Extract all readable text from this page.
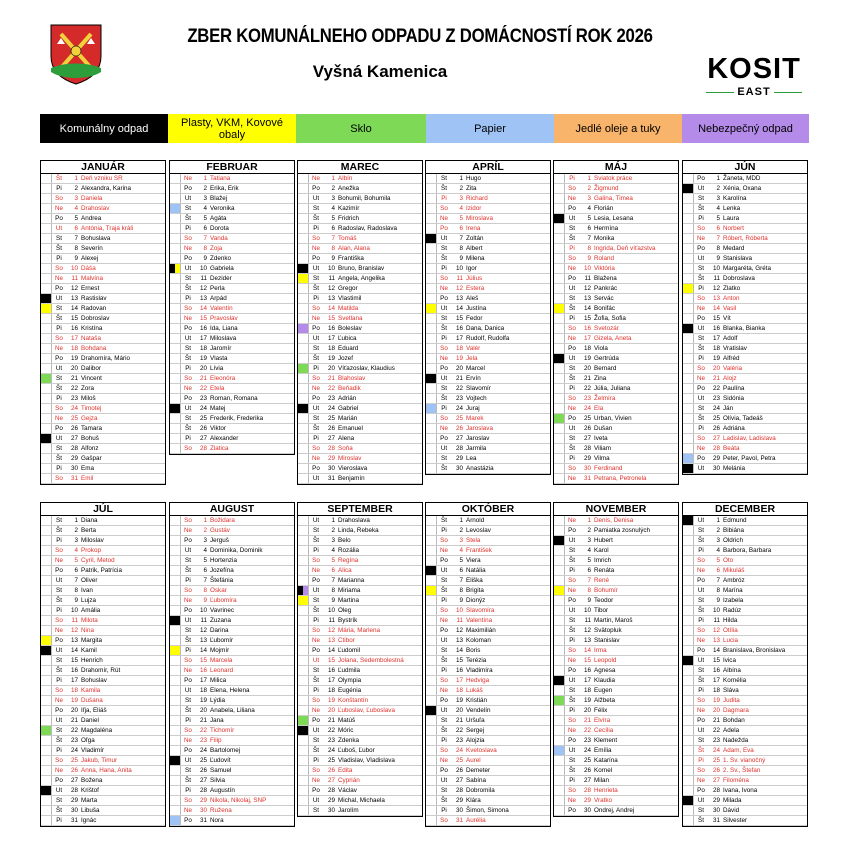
ZBER KOMUNÁLNEHO ODPADU Z DOMÁCNOSTÍ ROK 2026
Vyšná Kamenica	KOSIT
EAST
Komunálny odpad	Plasty, VKM, Kovové obaly	Sklo	Papier	Jedlé oleje a tuky	Nebezpečný odpad
JANUÁR
Št	1 Deň vzniku SR
Pi	2 Alexandra, Karina
So	3 Daniela
Ne	4 Drahoslav
Po	5 Andrea
Ut	6 Antónia, Traja králi
St	7 Bohuslava
Št	8 Severín
Pi	9 Alexej
So	10 Dáša
Ne	11 Malvína
Po	12 Ernest
Ut	13 Rastislav
St	14 Radovan
Št	15 Dobroslav
Pi	16 Kristína
So	17 Nataša
Ne	18 Bohdana
Po	19 Drahomíra, Mário
Ut	20 Dalibor
St	21 Vincent
Št	22 Zora
Pi	23 Miloš
So	24 Timotej
Ne	25 Gejza
Po	26 Tamara
Ut	27 Bohuš
St	28 Alfonz
Št	29 Gašpar
Pi	30 Ema
So	31 Emil
FEBRUAR
Ne	1 Tatiana
Po	2 Erika, Erik
Ut	3 Blažej
St	4 Veronika
Št	5 Agáta
Pi	6 Dorota
So	7 Vanda
Ne	8 Zoja
Po	9 Zdenko
Ut	10 Gabriela
St	11 Dezider
Št	12 Perla
Pi	13 Arpád
So	14 Valentín
Ne	15 Pravoslav
Po	16 Ida, Liana
Ut	17 Miloslava
St	18 Jaromír
Št	19 Vlasta
Pi	20 Lívia
So	21 Eleonóra
Ne	22 Etela
Po	23 Roman, Romana
Ut	24 Matej
St	25 Frederik, Frederika
Št	26 Viktor
Pi	27 Alexander
So	28 Zlatica
MAREC
Ne	1 Albín
Po	2 Anežka
Ut	3 Bohumil, Bohumila
St	4 Kazimír
Št	5 Fridrich
Pi	6 Radoslav, Radoslava
So	7 Tomáš
Ne	8 Alan, Alana
Po	9 Františka
Ut	10 Bruno, Branislav
St	11 Angela, Angelika
Št	12 Gregor
Pi	13 Vlastimil
So	14 Matilda
Ne	15 Svetlana
Po	16 Boleslav
Ut	17 Ľubica
St	18 Eduard
Št	19 Jozef
Pi	20 Víťazoslav, Klaudius
So	21 Blahoslav
Ne	22 Beňadik
Po	23 Adrián
Ut	24 Gabriel
St	25 Marián
Št	26 Emanuel
Pi	27 Alena
So	28 Soňa
Ne	29 Miroslav
Po	30 Vieroslava
Ut	31 Benjamín
APRÍL
St	1 Hugo
Št	2 Zita
Pi	3 Richard
So	4 Izidor
Ne	5 Miroslava
Po	6 Irena
Ut	7 Zoltán
St	8 Albert
Št	9 Milena
Pi	10 Igor
So	11 Július
Ne	12 Estera
Po	13 Aleš
Ut	14 Justína
St	15 Fedor
Št	16 Dana, Danica
Pi	17 Rudolf, Rudolfa
So	18 Valér
Ne	19 Jela
Po	20 Marcel
Ut	21 Ervín
St	22 Slavomír
Št	23 Vojtech
Pi	24 Juraj
So	25 Marek
Ne	26 Jaroslava
Po	27 Jaroslav
Ut	28 Jarmila
St	29 Lea
Št	30 Anastázia
MÁJ
Pi	1 Sviatok práce
So	2 Žigmund
Ne	3 Galina, Timea
Po	4 Florián
Ut	5 Lesia, Lesana
St	6 Hermína
Št	7 Monika
Pi	8 Ingrida, Deň víťazstva
So	9 Roland
Ne	10 Viktória
Po	11 Blažena
Ut	12 Pankrác
St	13 Servác
Št	14 Bonifác
Pi	15 Žofia, Sofia
So	16 Svetozár
Ne	17 Gizela, Aneta
Po	18 Viola
Ut	19 Gertrúda
St	20 Bernard
Št	21 Zina
Pi	22 Júlia, Juliana
So	23 Želmíra
Ne	24 Ela
Po	25 Urban, Vivien
Ut	26 Dušan
St	27 Iveta
Št	28 Viliam
Pi	29 Vilma
So	30 Ferdinand
Ne	31 Petrana, Petronela
JÚN
Po	1 Žaneta, MDD
Ut	2 Xénia, Oxana
St	3 Karolína
Št	4 Lenka
Pi	5 Laura
So	6 Norbert
Ne	7 Róbert, Róberta
Po	8 Medard
Ut	9 Stanislava
St	10 Margaréta, Gréta
Št	11 Dobroslava
Pi	12 Zlatko
So	13 Anton
Ne	14 Vasil
Po	15 Vít
Ut	16 Blanka, Bianka
St	17 Adolf
Št	18 Vratislav
Pi	19 Alfréd
So	20 Valéria
Ne	21 Alojz
Po	22 Paulína
Ut	23 Sidónia
St	24 Ján
Št	25 Olívia, Tadeáš
Pi	26 Adriána
So	27 Ladislav, Ladislava
Ne	28 Beáta
Po	29 Peter, Pavol, Petra
Ut	30 Melánia
JÚL
St	1 Diana
Št	2 Berta
Pi	3 Miloslav
So	4 Prokop
Ne	5 Cyril, Metod
Po	6 Patrik, Patrícia
Ut	7 Oliver
St	8 Ivan
Št	9 Lujza
Pi	10 Amália
So	11 Milota
Ne	12 Nina
Po	13 Margita
Ut	14 Kamil
St	15 Henrich
Št	16 Drahomír, Rút
Pi	17 Bohuslav
So	18 Kamila
Ne	19 Dušana
Po	20 Iľja, Eliáš
Ut	21 Daniel
St	22 Magdaléna
Št	23 Oľga
Pi	24 Vladimír
So	25 Jakub, Timur
Ne	26 Anna, Hana, Anita
Po	27 Božena
Ut	28 Krištof
St	29 Marta
Št	30 Libuša
Pi	31 Ignác
AUGUST
So	1 Božidara
Ne	2 Gustáv
Po	3 Jerguš
Ut	4 Dominika, Dominik
St	5 Hortenzia
Št	6 Jozefína
Pi	7 Štefánia
So	8 Oskar
Ne	9 Ľubomíra
Po	10 Vavrinec
Ut	11 Zuzana
St	12 Darina
Št	13 Ľubomír
Pi	14 Mojmír
So	15 Marcela
Ne	16 Leonard
Po	17 Milica
Ut	18 Elena, Helena
St	19 Lýdia
Št	20 Anabela, Liliana
Pi	21 Jana
So	22 Tichomír
Ne	23 Filip
Po	24 Bartolomej
Ut	25 Ľudovít
St	26 Samuel
Št	27 Silvia
Pi	28 Augustín
So	29 Nikola, Nikolaj, SNP
Ne	30 Ružena
Po	31 Nora
SEPTEMBER
Ut	1 Drahoslava
St	2 Linda, Rebeka
Št	3 Belo
Pi	4 Rozália
So	5 Regína
Ne	6 Alica
Po	7 Marianna
Ut	8 Miriama
St	9 Martina
Št	10 Oleg
Pi	11 Bystrík
So	12 Mária, Marlena
Ne	13 Ctibor
Po	14 Ľudomil
Ut	15 Jolana, Sedembolestná
St	16 Ľudmila
Št	17 Olympia
Pi	18 Eugénia
So	19 Konštantín
Ne	20 Ľuboslav, Ľuboslava
Po	21 Matúš
Ut	22 Móric
St	23 Zdenka
Št	24 Ľuboš, Ľubor
Pi	25 Vladislav, Vladislava
So	26 Edita
Ne	27 Cyprián
Po	28 Václav
Ut	29 Michal, Michaela
St	30 Jarolím
OKTÓBER
Št	1 Arnold
Pi	2 Levoslav
So	3 Stela
Ne	4 František
Po	5 Viera
Ut	6 Natália
St	7 Eliška
Št	8 Brigita
Pi	9 Dionýz
So	10 Slavomíra
Ne	11 Valentína
Po	12 Maximilián
Ut	13 Koloman
St	14 Boris
Št	15 Terézia
Pi	16 Vladimíra
So	17 Hedviga
Ne	18 Lukáš
Po	19 Kristián
Ut	20 Vendelín
St	21 Uršuľa
Št	22 Sergej
Pi	23 Alojzia
So	24 Kvetoslava
Ne	25 Aurel
Po	26 Demeter
Ut	27 Sabína
St	28 Dobromila
Št	29 Klára
Pi	30 Šimon, Simona
So	31 Aurélia
NOVEMBER
Ne	1 Denis, Denisa
Po	2 Pamiatka zosnulých
Ut	3 Hubert
St	4 Karol
Št	5 Imrich
Pi	6 Renáta
So	7 René
Ne	8 Bohumír
Po	9 Teodor
Ut	10 Tibor
St	11 Martin, Maroš
Št	12 Svätopluk
Pi	13 Stanislav
So	14 Irma
Ne	15 Leopold
Po	16 Agnesa
Ut	17 Klaudia
St	18 Eugen
Št	19 Alžbeta
Pi	20 Félix
So	21 Elvíra
Ne	22 Cecília
Po	23 Klement
Ut	24 Emília
St	25 Katarína
Št	26 Kornel
Pi	27 Milan
So	28 Henrieta
Ne	29 Vratko
Po	30 Ondrej, Andrej
DECEMBER
Ut	1 Edmund
St	2 Bibiána
Št	3 Oldrich
Pi	4 Barbora, Barbara
So	5 Oto
Ne	6 Mikuláš
Po	7 Ambróz
Ut	8 Marína
St	9 Izabela
Št	10 Radúz
Pi	11 Hilda
So	12 Otília
Ne	13 Lucia
Po	14 Branislava, Bronislava
Ut	15 Ivica
St	16 Albína
Št	17 Kornélia
Pi	18 Sláva
So	19 Judita
Ne	20 Dagmara
Po	21 Bohdan
Ut	22 Adela
St	23 Nadežda
Št	24 Adam, Eva
Pi	25 1. Sv. vianočný
So	26 2. Sv., Štefan
Ne	27 Filoména
Po	28 Ivana, Ivona
Ut	29 Milada
St	30 Dávid
Št	31 Silvester
